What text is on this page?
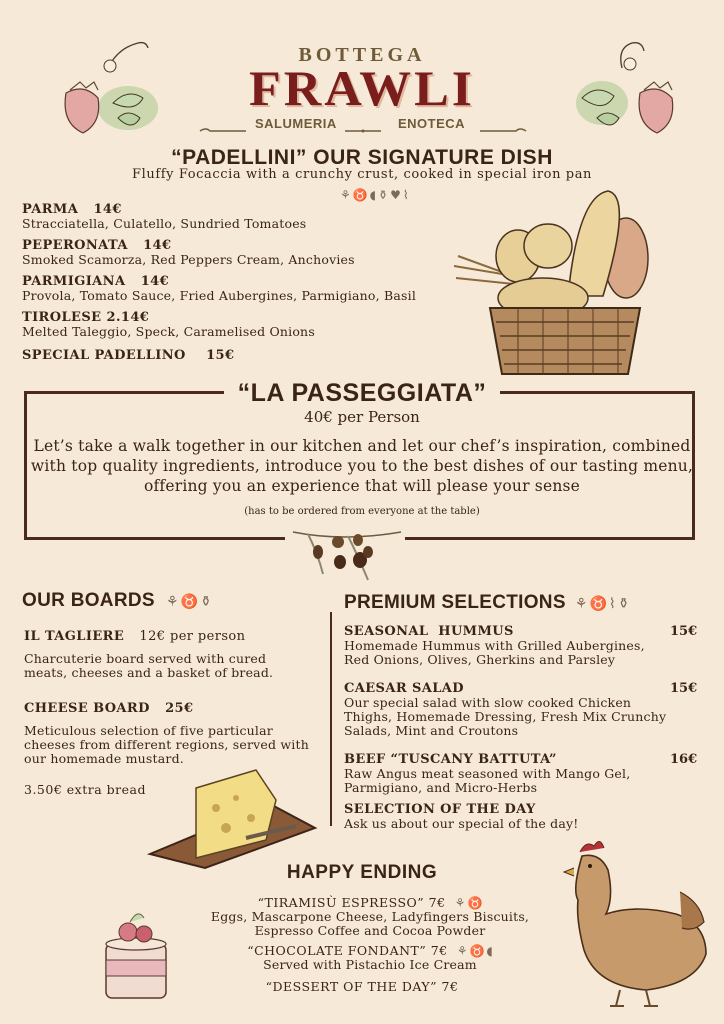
BOTTEGA
FRAWLI
SALUMERIA	ENOTECA
“PADELLINI” OUR SIGNATURE DISH
Fluffy Focaccia with a crunchy crust, cooked in special iron pan
⚘ ♉ ◖ ⚱ ♥ ⌇
PARMA 14€
Stracciatella, Culatello, Sundried Tomatoes
PEPERONATA 14€
Smoked Scamorza, Red Peppers Cream, Anchovies
PARMIGIANA 14€
Provola, Tomato Sauce, Fried Aubergines, Parmigiano, Basil
TIROLESE 2.14€
Melted Taleggio, Speck, Caramelised Onions
SPECIAL PADELLINO 15€
“LA PASSEGGIATA”
40€ per Person
Let’s take a walk together in our kitchen and let our chef’s inspiration, combined with top quality ingredients, introduce you to the best dishes of our tasting menu, offering you an experience that will please your sense
(has to be ordered from everyone at the table)
OUR BOARDS ⚘ ♉ ⚱
IL TAGLIERE 12€ per person
Charcuterie board served with cured meats, cheeses and a basket of bread.
CHEESE BOARD 25€
Meticulous selection of five particular cheeses from different regions, served with our homemade mustard.
3.50€ extra bread
PREMIUM SELECTIONS ⚘ ♉ ⌇ ⚱
SEASONAL  HUMMUS
Homemade Hummus with Grilled Aubergines, Red Onions, Olives, Gherkins and Parsley
15€
CAESAR SALAD
Our special salad with slow cooked Chicken Thighs, Homemade Dressing, Fresh Mix Crunchy Salads, Mint and Croutons
15€
BEEF “TUSCANY BATTUTA”
Raw Angus meat seasoned with Mango Gel, Parmigiano, and Micro-Herbs
16€
SELECTION OF THE DAY
Ask us about our special of the day!
HAPPY ENDING
“TIRAMISÙ ESPRESSO” 7€ ⚘ ♉
Eggs, Mascarpone Cheese, Ladyfingers Biscuits,
Espresso Coffee and Cocoa Powder
“CHOCOLATE FONDANT” 7€ ⚘ ♉ ◖
Served with Pistachio Ice Cream
“DESSERT OF THE DAY” 7€
